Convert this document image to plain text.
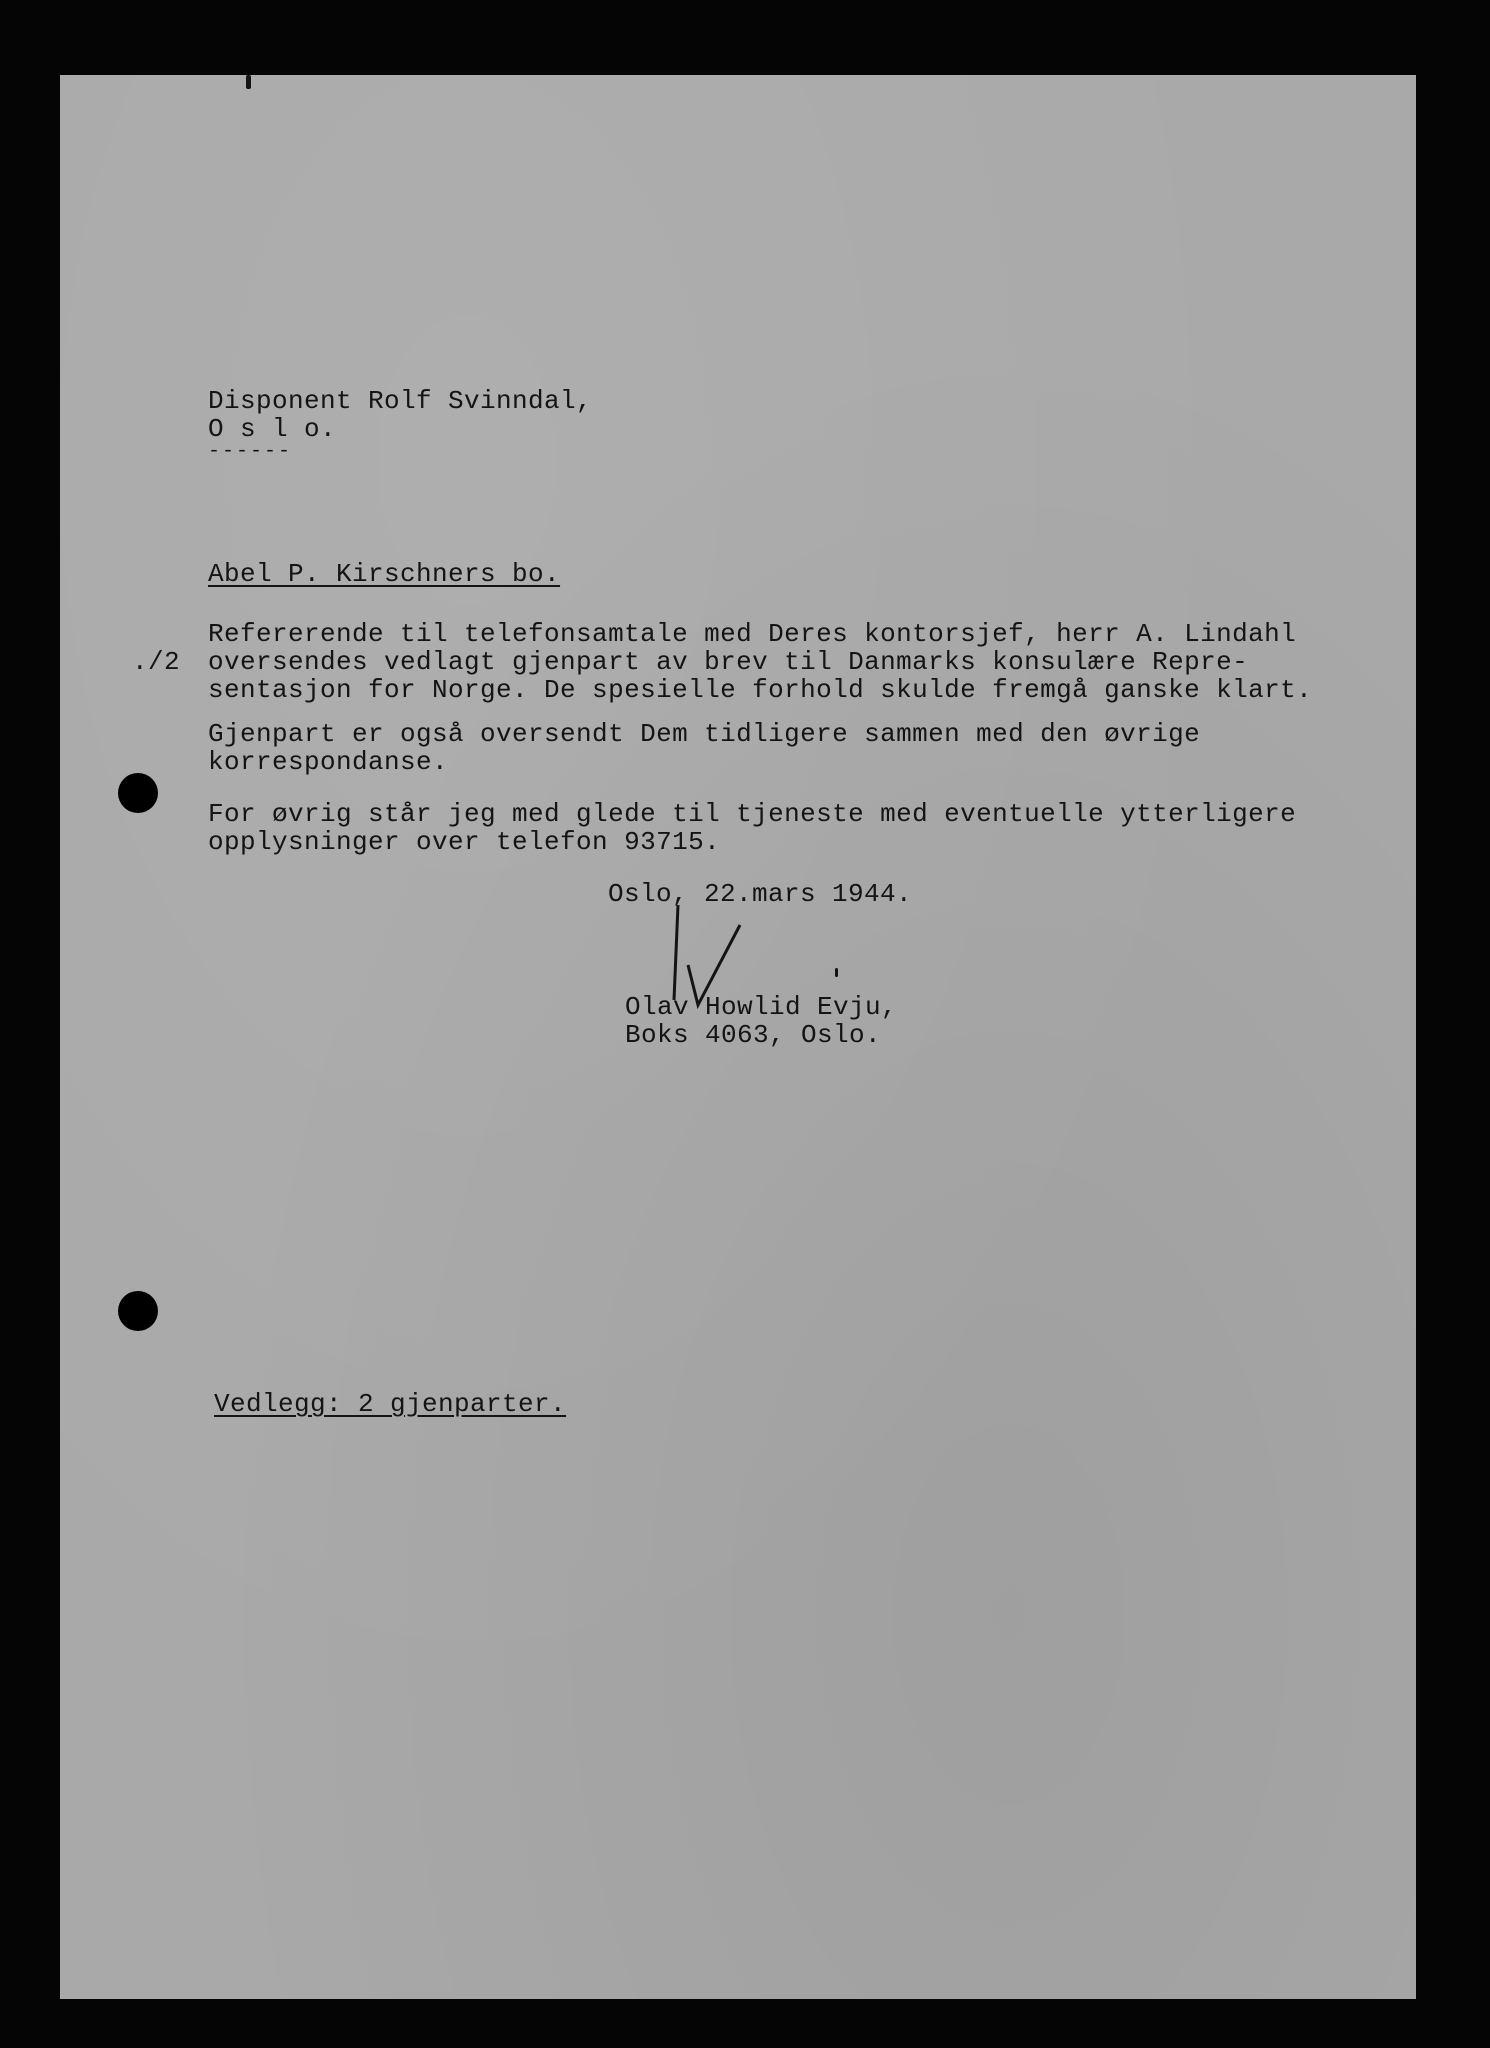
Disponent Rolf Svinndal,
O s l o.
------
Abel P. Kirschners bo.
./2
Refererende til telefonsamtale med Deres kontorsjef, herr A. Lindahl
oversendes vedlagt gjenpart av brev til Danmarks konsulære Repre-
sentasjon for Norge. De spesielle forhold skulde fremgå ganske klart.
Gjenpart er også oversendt Dem tidligere sammen med den øvrige
korrespondanse.
For øvrig står jeg med glede til tjeneste med eventuelle ytterligere
opplysninger over telefon 93715.
Oslo, 22.mars 1944.
Olav Howlid Evju,
Boks 4063, Oslo.
Vedlegg: 2 gjenparter.
